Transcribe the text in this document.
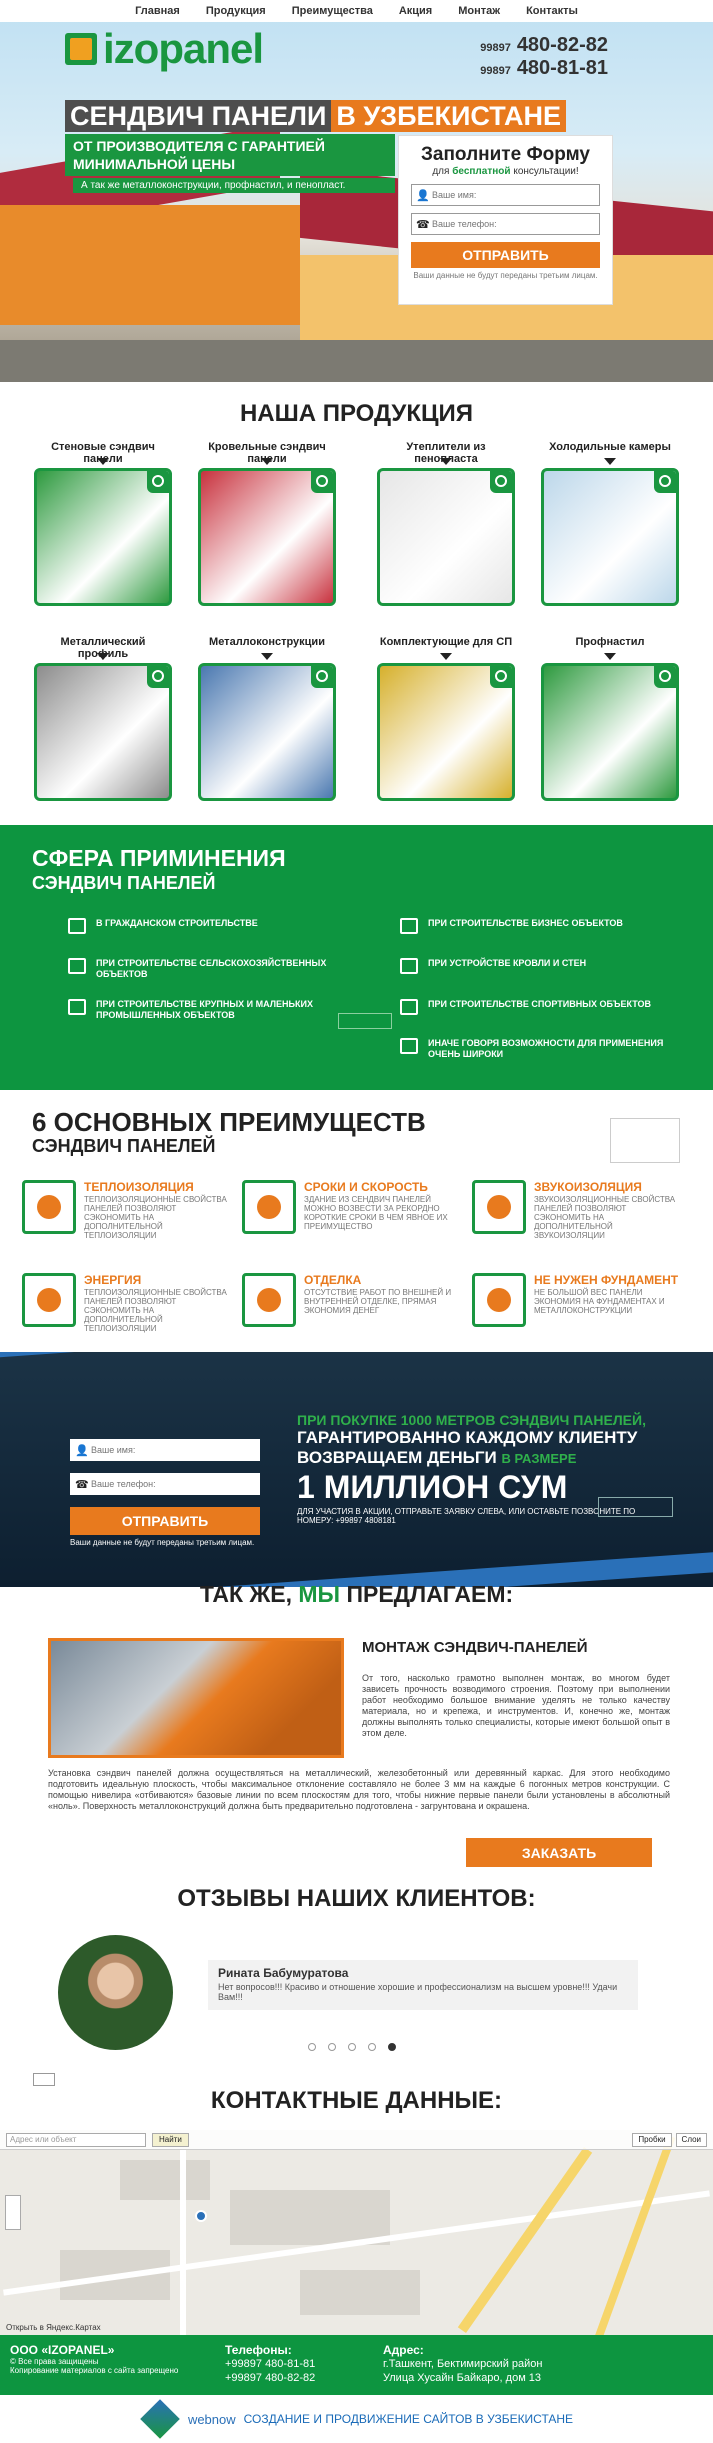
izopanel	99897 480-82-82
99897 480-81-81
СЕНДВИЧ ПАНЕЛИ В УЗБЕКИСТАНЕ
ОТ ПРОИЗВОДИТЕЛЯ С ГАРАНТИЕЙ МИНИМАЛЬНОЙ ЦЕНЫ
А так же металлоконструкции, профнастил, и пенопласт.
Заполните Форму
для бесплатной консультации!
👤
Ваше имя:
☎
Ваше телефон:
ОТПРАВИТЬ
Ваши данные не будут переданы третьим лицам.
Главная Продукция Преимущества Акция Монтаж Контакты
НАША ПРОДУКЦИЯ
Стеновые сэндвич панели
Кровельные сэндвич панели
Утеплители из пенопласта
Холодильные камеры
Металлический профиль
Металлоконструкции	Комплектующие для СП	Профнастил
СФЕРА ПРИМИНЕНИЯ
СЭНДВИЧ ПАНЕЛЕЙ
В ГРАЖДАНСКОМ СТРОИТЕЛЬСТВЕ	ПРИ СТРОИТЕЛЬСТВЕ БИЗНЕС ОБЪЕКТОВ
ПРИ СТРОИТЕЛЬСТВЕ СЕЛЬСКОХОЗЯЙСТВЕННЫХ ОБЪЕКТОВ
ПРИ УСТРОЙСТВЕ КРОВЛИ И СТЕН
ПРИ СТРОИТЕЛЬСТВЕ КРУПНЫХ И МАЛЕНЬКИХ ПРОМЫШЛЕННЫХ ОБЪЕКТОВ
ПРИ СТРОИТЕЛЬСТВЕ СПОРТИВНЫХ ОБЪЕКТОВ
ИНАЧЕ ГОВОРЯ ВОЗМОЖНОСТИ ДЛЯ ПРИМЕНЕНИЯ ОЧЕНЬ ШИРОКИ
6 ОСНОВНЫХ ПРЕИМУЩЕСТВ
СЭНДВИЧ ПАНЕЛЕЙ
ТЕПЛОИЗОЛЯЦИЯ

ТЕПЛОИЗОЛЯЦИОННЫЕ СВОЙСТВА ПАНЕЛЕЙ ПОЗВОЛЯЮТ СЭКОНОМИТЬ НА ДОПОЛНИТЕЛЬНОЙ ТЕПЛОИЗОЛЯЦИИ

СРОКИ И СКОРОСТЬ

ЗДАНИЕ ИЗ СЕНДВИЧ ПАНЕЛЕЙ МОЖНО ВОЗВЕСТИ ЗА РЕКОРДНО КОРОТКИЕ СРОКИ В ЧЕМ ЯВНОЕ ИХ ПРЕИМУЩЕСТВО

ЗВУКОИЗОЛЯЦИЯ

ЗВУКОИЗОЛЯЦИОННЫЕ СВОЙСТВА ПАНЕЛЕЙ ПОЗВОЛЯЮТ СЭКОНОМИТЬ НА ДОПОЛНИТЕЛЬНОЙ ЗВУКОИЗОЛЯЦИИ

ЭНЕРГИЯ

ТЕПЛОИЗОЛЯЦИОННЫЕ СВОЙСТВА ПАНЕЛЕЙ ПОЗВОЛЯЮТ СЭКОНОМИТЬ НА ДОПОЛНИТЕЛЬНОЙ ТЕПЛОИЗОЛЯЦИИ

ОТДЕЛКА

ОТСУТСТВИЕ РАБОТ ПО ВНЕШНЕЙ И ВНУТРЕННЕЙ ОТДЕЛКЕ, ПРЯМАЯ ЭКОНОМИЯ ДЕНЕГ

НЕ НУЖЕН ФУНДАМЕНТ

НЕ БОЛЬШОЙ ВЕС ПАНЕЛИ ЭКОНОМИЯ НА ФУНДАМЕНТАХ И МЕТАЛЛОКОНСТРУКЦИИ

👤
Ваше имя:
☎
Ваше телефон:
ОТПРАВИТЬ
Ваши данные не будут переданы третьим лицам.
ПРИ ПОКУПКЕ 1000 МЕТРОВ СЭНДВИЧ ПАНЕЛЕЙ,
ГАРАНТИРОВАННО КАЖДОМУ КЛИЕНТУ
ВОЗВРАЩАЕМ ДЕНЬГИ В РАЗМЕРЕ
1 МИЛЛИОН СУМ
ДЛЯ УЧАСТИЯ В АКЦИИ, ОТПРАВЬТЕ ЗАЯВКУ СЛЕВА, ИЛИ ОСТАВЬТЕ ПОЗВОНИТЕ ПО НОМЕРУ: +99897 4808181
ТАК ЖЕ, МЫ ПРЕДЛАГАЕМ:
МОНТАЖ СЭНДВИЧ-ПАНЕЛЕЙ
От того, насколько грамотно выполнен монтаж, во многом будет зависеть прочность возводимого строения. Поэтому при выполнении работ необходимо большое внимание уделять не только качеству материала, но и крепежа, и инструментов. И, конечно же, монтаж должны выполнять только специалисты, которые имеют большой опыт в этом деле.
Установка сэндвич панелей должна осуществляться на металлический, железобетонный или деревянный каркас. Для этого необходимо подготовить идеальную плоскость, чтобы максимальное отклонение составляло не более 3 мм на каждые 6 погонных метров конструкции. С помощью нивелира «отбиваются» базовые линии по всем плоскостям для того, чтобы нижние первые панели были установлены в абсолютный «ноль». Поверхность металлоконструкций должна быть предварительно подготовлена - загрунтована и окрашена.
ЗАКАЗАТЬ
ОТЗЫВЫ НАШИХ КЛИЕНТОВ:
Рината Бабумуратова
Нет вопросов!!! Красиво и отношение хорошие и профессионализм на высшем уровне!!! Удачи Вам!!!
КОНТАКТНЫЕ ДАННЫЕ:
Адрес или объект	Найти	Пробки	Слои
Открыть в Яндекс.Картах
ООО «IZOPANEL»

© Все права защищены

Копирование материалов с сайта запрещено

Телефоны:

+99897 480-81-81

+99897 480-82-82

Адрес:

г.Ташкент, Бектимирский район

Улица Хусайн Байкаро, дом 13

webnow СОЗДАНИЕ И ПРОДВИЖЕНИЕ САЙТОВ В УЗБЕКИСТАНЕ
